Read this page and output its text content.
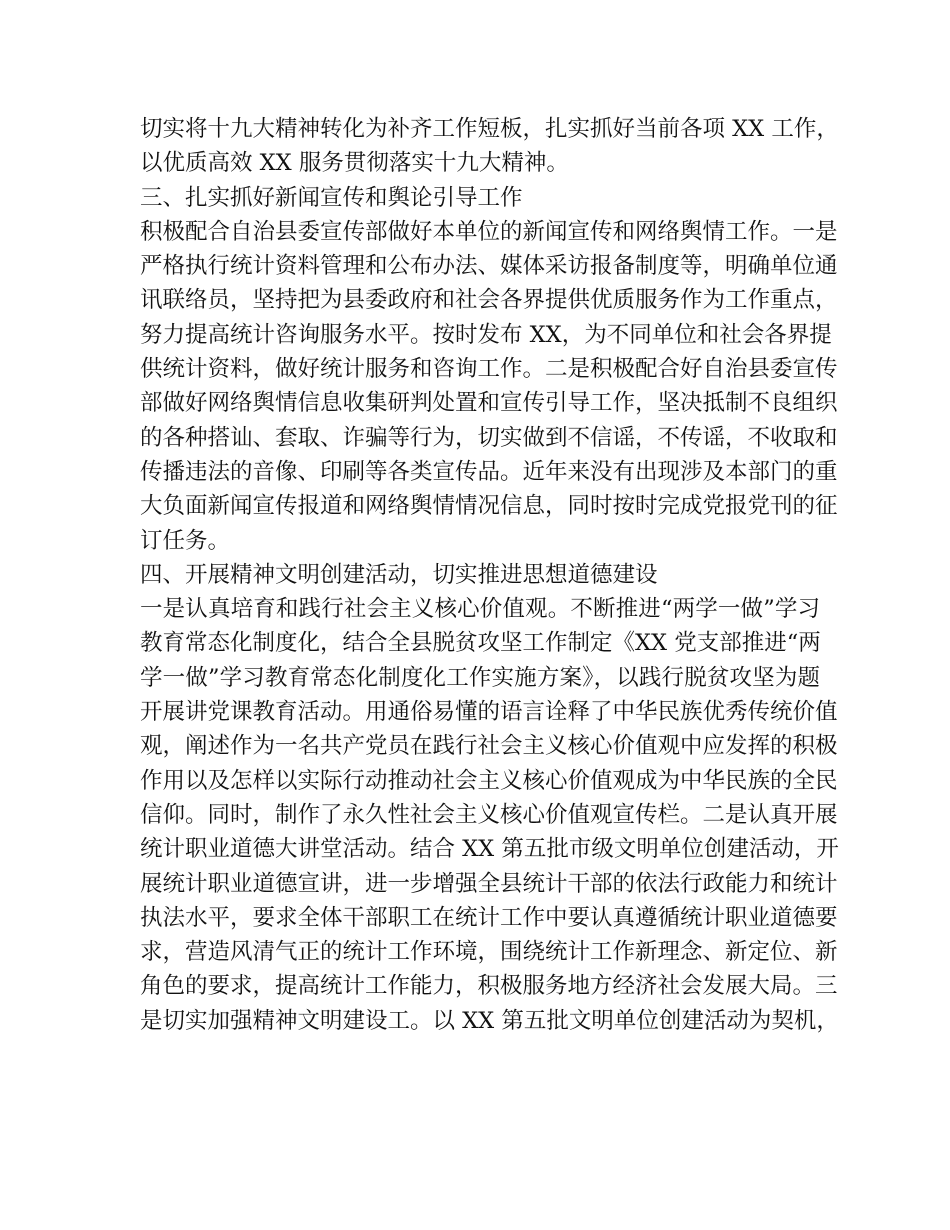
切实将十九大精神转化为补齐工作短板，扎实抓好当前各项 XX 工作，
以优质高效 XX 服务贯彻落实十九大精神。
三、扎实抓好新闻宣传和舆论引导工作
积极配合自治县委宣传部做好本单位的新闻宣传和网络舆情工作。一是
严格执行统计资料管理和公布办法、媒体采访报备制度等，明确单位通
讯联络员，坚持把为县委政府和社会各界提供优质服务作为工作重点，
努力提高统计咨询服务水平。按时发布 XX，为不同单位和社会各界提
供统计资料，做好统计服务和咨询工作。二是积极配合好自治县委宣传
部做好网络舆情信息收集研判处置和宣传引导工作，坚决抵制不良组织
的各种搭讪、套取、诈骗等行为，切实做到不信谣，不传谣，不收取和
传播违法的音像、印刷等各类宣传品。近年来没有出现涉及本部门的重
大负面新闻宣传报道和网络舆情情况信息，同时按时完成党报党刊的征
订任务。
四、开展精神文明创建活动，切实推进思想道德建设
一是认真培育和践行社会主义核心价值观。不断推进“两学一做”学习
教育常态化制度化，结合全县脱贫攻坚工作制定《XX 党支部推进“两
学一做”学习教育常态化制度化工作实施方案》，以践行脱贫攻坚为题
开展讲党课教育活动。用通俗易懂的语言诠释了中华民族优秀传统价值
观，阐述作为一名共产党员在践行社会主义核心价值观中应发挥的积极
作用以及怎样以实际行动推动社会主义核心价值观成为中华民族的全民
信仰。同时，制作了永久性社会主义核心价值观宣传栏。二是认真开展
统计职业道德大讲堂活动。结合 XX 第五批市级文明单位创建活动，开
展统计职业道德宣讲，进一步增强全县统计干部的依法行政能力和统计
执法水平，要求全体干部职工在统计工作中要认真遵循统计职业道德要
求，营造风清气正的统计工作环境，围绕统计工作新理念、新定位、新
角色的要求，提高统计工作能力，积极服务地方经济社会发展大局。三
是切实加强精神文明建设工。以 XX 第五批文明单位创建活动为契机，
